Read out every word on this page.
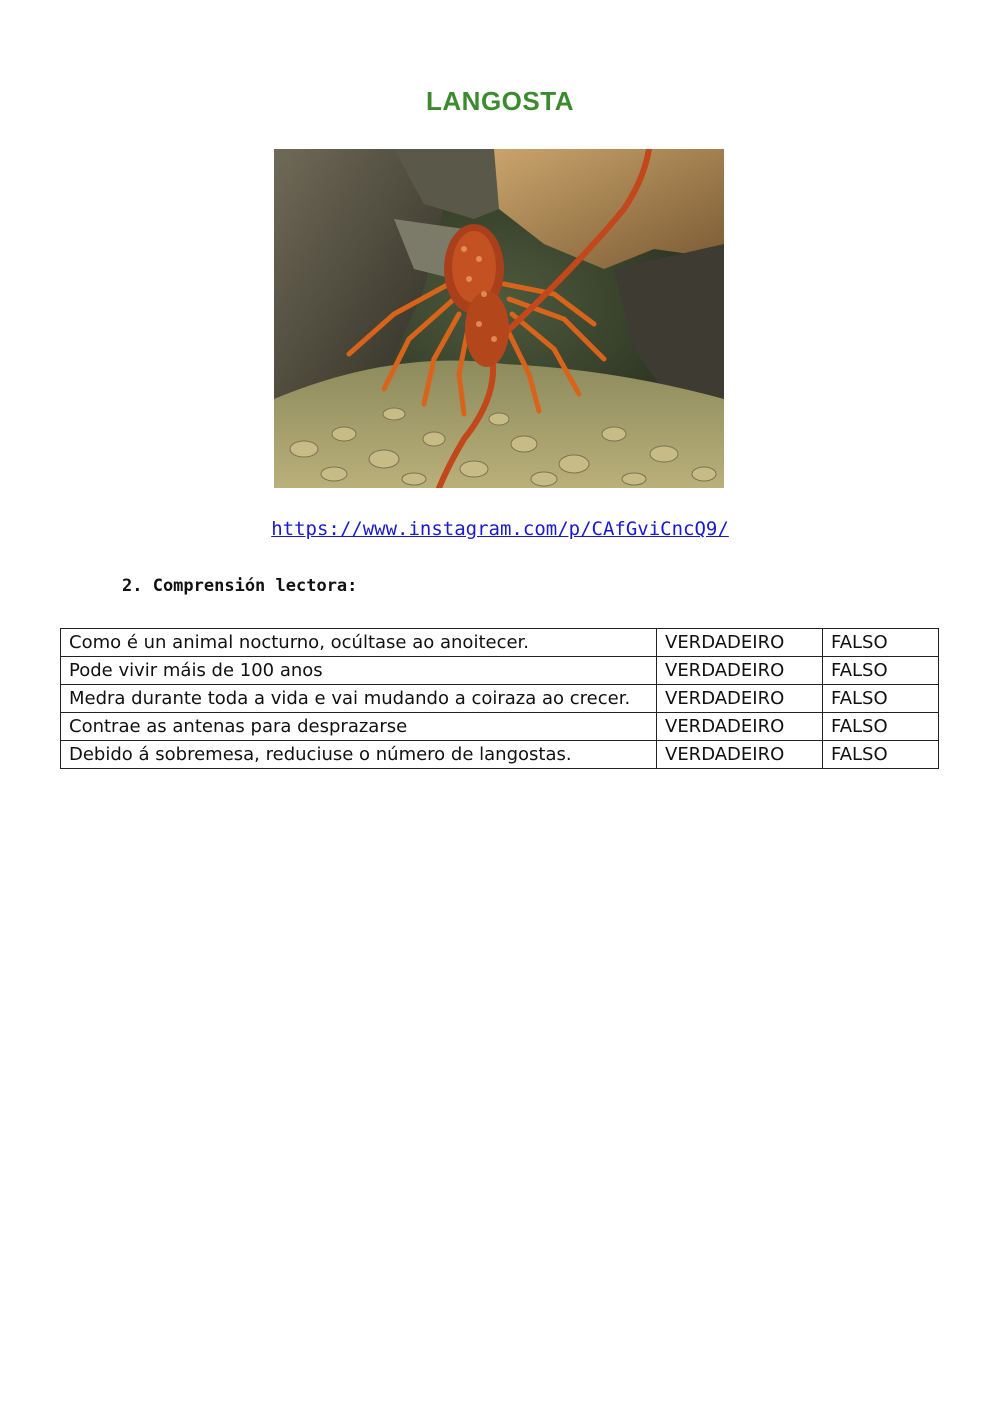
LANGOSTA
https://www.instagram.com/p/CAfGviCncQ9/
2. Comprensión lectora:
Como é un animal nocturno, ocúltase ao anoitecer.	VERDADEIRO	FALSO
Pode vivir máis de 100 anos	VERDADEIRO	FALSO
Medra durante toda a vida e vai mudando a coiraza ao crecer.	VERDADEIRO	FALSO
Contrae as antenas para desprazarse	VERDADEIRO	FALSO
Debido á sobremesa, reduciuse o número de langostas.	VERDADEIRO	FALSO
